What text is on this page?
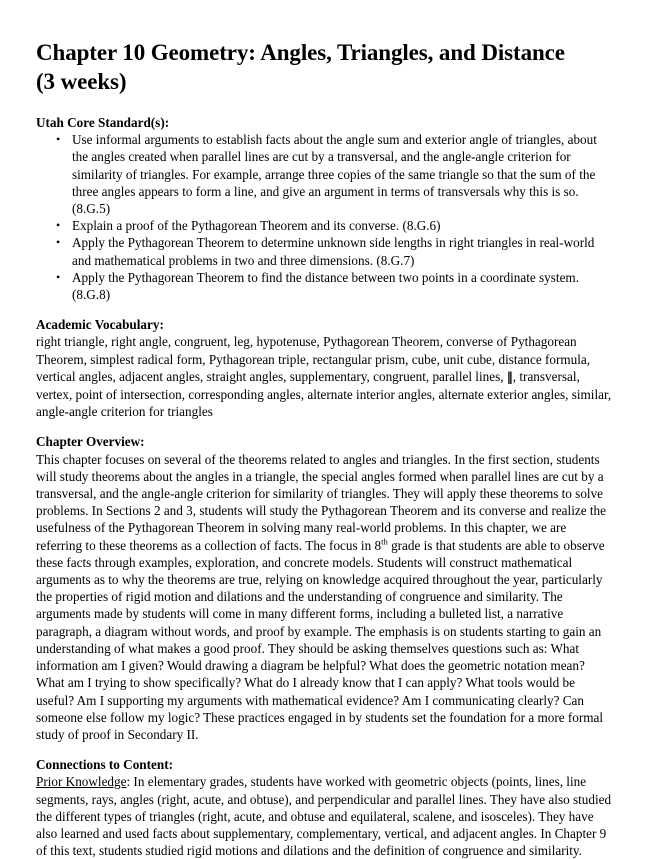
Chapter 10 Geometry: Angles, Triangles, and Distance (3 weeks)

Utah Core Standard(s):

• Use informal arguments to establish facts about the angle sum and exterior angle of triangles, about the angles created when parallel lines are cut by a transversal, and the angle-angle criterion for similarity of triangles. For example, arrange three copies of the same triangle so that the sum of the three angles appears to form a line, and give an argument in terms of transversals why this is so. (8.G.5)
• Explain a proof of the Pythagorean Theorem and its converse. (8.G.6)
• Apply the Pythagorean Theorem to determine unknown side lengths in right triangles in real-world and mathematical problems in two and three dimensions. (8.G.7)
• Apply the Pythagorean Theorem to find the distance between two points in a coordinate system. (8.G.8)

Academic Vocabulary:

right triangle, right angle, congruent, leg, hypotenuse, Pythagorean Theorem, converse of Pythagorean Theorem, simplest radical form, Pythagorean triple, rectangular prism, cube, unit cube, distance formula, vertical angles, adjacent angles, straight angles, supplementary, congruent, parallel lines, ‖, transversal, vertex, point of intersection, corresponding angles, alternate interior angles, alternate exterior angles, similar, angle-angle criterion for triangles

Chapter Overview:

This chapter focuses on several of the theorems related to angles and triangles. In the first section, students will study theorems about the angles in a triangle, the special angles formed when parallel lines are cut by a transversal, and the angle-angle criterion for similarity of triangles. They will apply these theorems to solve problems. In Sections 2 and 3, students will study the Pythagorean Theorem and its converse and realize the usefulness of the Pythagorean Theorem in solving many real-world problems. In this chapter, we are referring to these theorems as a collection of facts. The focus in 8th grade is that students are able to observe these facts through examples, exploration, and concrete models. Students will construct mathematical arguments as to why the theorems are true, relying on knowledge acquired throughout the year, particularly the properties of rigid motion and dilations and the understanding of congruence and similarity. The arguments made by students will come in many different forms, including a bulleted list, a narrative paragraph, a diagram without words, and proof by example. The emphasis is on students starting to gain an understanding of what makes a good proof. They should be asking themselves questions such as: What information am I given? Would drawing a diagram be helpful? What does the geometric notation mean? What am I trying to show specifically? What do I already know that I can apply? What tools would be useful? Am I supporting my arguments with mathematical evidence? Am I communicating clearly? Can someone else follow my logic? These practices engaged in by students set the foundation for a more formal study of proof in Secondary II.

Connections to Content:

Prior Knowledge: In elementary grades, students have worked with geometric objects (points, lines, line segments, rays, angles (right, acute, and obtuse), and perpendicular and parallel lines. They have also studied the different types of triangles (right, acute, and obtuse and equilateral, scalene, and isosceles). They have also learned and used facts about supplementary, complementary, vertical, and adjacent angles. In Chapter 9 of this text, students studied rigid motions and dilations and the definition of congruence and similarity.
